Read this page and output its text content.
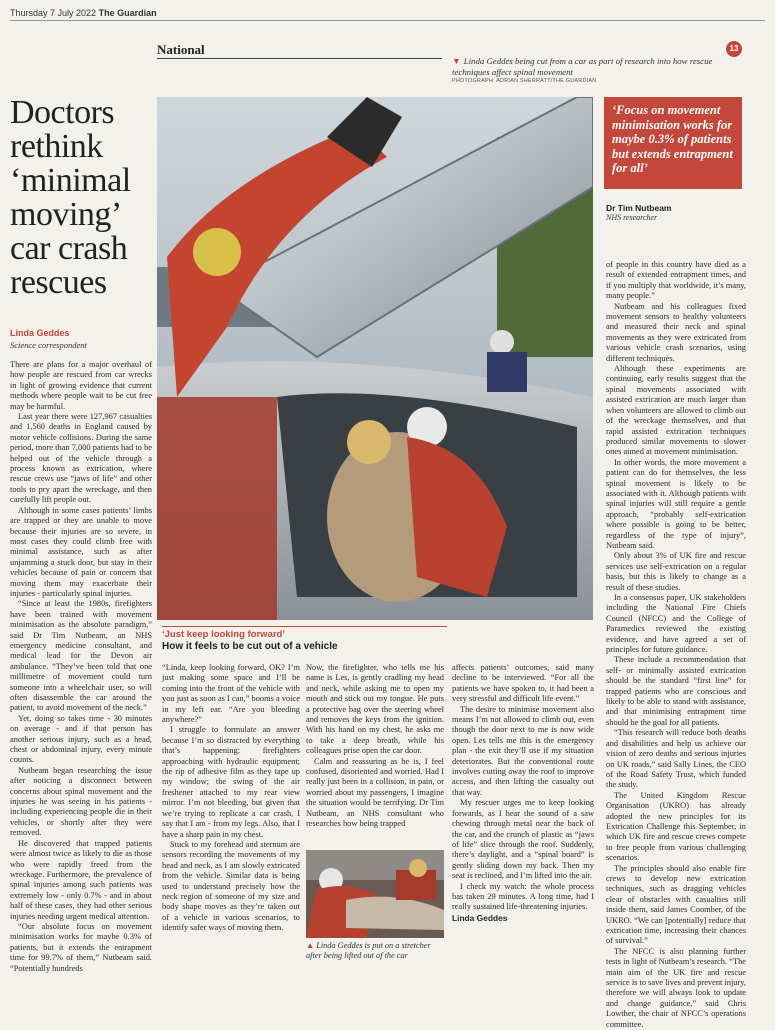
Thursday 7 July 2022 The Guardian
National	13
▼ Linda Geddes being cut from a car as part of research into how rescue techniques affect spinal movement
PHOTOGRAPH: ADRIAN SHERRATT/THE GUARDIAN
Doctors rethink ‘minimal moving’ car crash rescues
Linda Geddes
Science correspondent

There are plans for a major overhaul of how people are rescued from car wrecks in light of growing evidence that current methods where people wait to be cut free may be harmful.

Last year there were 127,967 casualties and 1,560 deaths in England caused by motor vehicle collisions. During the same period, more than 7,000 patients had to be helped out of the vehicle through a process known as extrication, where rescue crews use “jaws of life” and other tools to pry apart the wreckage, and then carefully lift people out.

Although in some cases patients’ limbs are trapped or they are unable to move because their injuries are so severe, in most cases they could climb free with minimal assistance, such as after unjamming a stuck door, but stay in their vehicles because of pain or concern that moving them may exacerbate their injuries - particularly spinal injuries.

“Since at least the 1980s, firefighters have been trained with movement minimisation as the absolute paradigm,” said Dr Tim Nutbeam, an NHS emergency medicine consultant, and medical lead for the Devon air ambulance. “They’ve been told that one millimetre of movement could turn someone into a wheelchair user, so will often disassemble the car around the patient, to avoid movement of the neck.”

Yet, doing so takes time - 30 minutes on average - and if that person has another serious injury, such as a head, chest or abdominal injury, every minute counts.

Nutbeam began researching the issue after noticing a disconnect between concerns about spinal movement and the injuries he was seeing in his patients - including experiencing people die in their vehicles, or shortly after they were removed.

He discovered that trapped patients were almost twice as likely to die as those who were rapidly freed from the wreckage. Furthermore, the prevalence of spinal injuries among such patients was extremely low - only 0.7% - and in about half of these cases, they had other serious injuries needing urgent medical attention.

“Our absolute focus on movement minimisation works for maybe 0.3% of patients, but it extends the entrapment time for 99.7% of them,” Nutbeam said. “Potentially hundreds

‘Just keep looking forward’
How it feels to be cut out of a vehicle
‘Focus on movement minimisation works for maybe 0.3% of patients but extends entrapment for all’
Dr Tim Nutbeam
NHS researcher

“Linda, keep looking forward, OK? I’m just making some space and I’ll be coming into the front of the vehicle with you just as soon as I can,” booms a voice in my left ear. “Are you bleeding anywhere?”

I struggle to formulate an answer because I’m so distracted by everything that’s happening: firefighters approaching with hydraulic equipment; the rip of adhesive film as they tape up my window; the swing of the air freshener attached to my rear view mirror. I’m not bleeding, but given that we’re trying to replicate a car crash, I say that I am - from my legs. Also, that I have a sharp pain in my chest.

Stuck to my forehead and sternum are sensors recording the movements of my head and neck, as I am slowly extricated from the vehicle. Similar data is being used to understand precisely how the neck region of someone of my size and body shape moves as they’re taken out of a vehicle in various scenarios, to identify safer ways of moving them.

Now, the firefighter, who tells me his name is Les, is gently cradling my head and neck, while asking me to open my mouth and stick out my tongue. He puts a protective bag over the steering wheel and removes the keys from the ignition. With his hand on my chest, he asks me to take a deep breath, while his colleagues prise open the car door.

Calm and reassuring as he is, I feel confused, disoriented and worried. Had I really just been in a collision, in pain, or worried about my passengers, I imagine the situation would be terrifying. Dr Tim Nutbeam, an NHS consultant who researches how being trapped

▲ Linda Geddes is put on a stretcher after being lifted out of the car

affects patients’ outcomes, said many decline to be interviewed. “For all the patients we have spoken to, it had been a very stressful and difficult life event.”

The desire to minimise movement also means I’m not allowed to climb out, even though the door next to me is now wide open. Les tells me this is the emergency plan - the exit they’ll use if my situation deteriorates. But the conventional route involves cutting away the roof to improve access, and then lifting the casualty out that way.

My rescuer urges me to keep looking forwards, as I hear the sound of a saw chewing through metal near the back of the car, and the crunch of plastic as “jaws of life” slice through the roof. Suddenly, there’s daylight, and a “spinal board” is gently sliding down my back. Then my seat is reclined, and I’m lifted into the air.

I check my watch: the whole process has taken 29 minutes. A long time, had I really sustained life-threatening injuries.

Linda Geddes

of people in this country have died as a result of extended entrapment times, and if you multiply that worldwide, it’s many, many people.”

Nutbeam and his colleagues fixed movement sensors to healthy volunteers and measured their neck and spinal movements as they were extricated from various vehicle crash scenarios, using different techniques.

Although these experiments are continuing, early results suggest that the spinal movements associated with assisted extrication are much larger than when volunteers are allowed to climb out of the wreckage themselves, and that rapid assisted extrication techniques produced similar movements to slower ones aimed at movement minimisation.

In other words, the more movement a patient can do for themselves, the less spinal movement is likely to be associated with it. Although patients with spinal injuries will still require a gentle approach, “probably self-extrication where possible is going to be better, regardless of the type of injury”, Nutbeam said.

Only about 3% of UK fire and rescue services use self-extrication on a regular basis, but this is likely to change as a result of these studies.

In a consensus paper, UK stakeholders including the National Fire Chiefs Council (NFCC) and the College of Paramedics reviewed the existing evidence, and have agreed a set of principles for future guidance.

These include a recommendation that self- or minimally assisted extrication should be the standard “first line” for trapped patients who are conscious and likely to be able to stand with assistance, and that minimising entrapment time should be the goal for all patients.

“This research will reduce both deaths and disabilities and help us achieve our vision of zero deaths and serious injuries on UK roads,” said Sally Lines, the CEO of the Road Safety Trust, which funded the study.

The United Kingdom Rescue Organisation (UKRO) has already adopted the new principles for its Extrication Challenge this September, in which UK fire and rescue crews compete to free people from various challenging scenarios.

The principles should also enable fire crews to develop new extrication techniques, such as dragging vehicles clear of obstacles with casualties still inside them, said James Coomber, of the UKRO. “We can [potentially] reduce that extrication time, increasing their chances of survival.”

The NFCC is also planning further tests in light of Nutbeam’s research. “The main aim of the UK fire and rescue service is to save lives and prevent injury, therefore we will always look to update and change guidance,” said Chris Lowther, the chair of NFCC’s operations committee.
